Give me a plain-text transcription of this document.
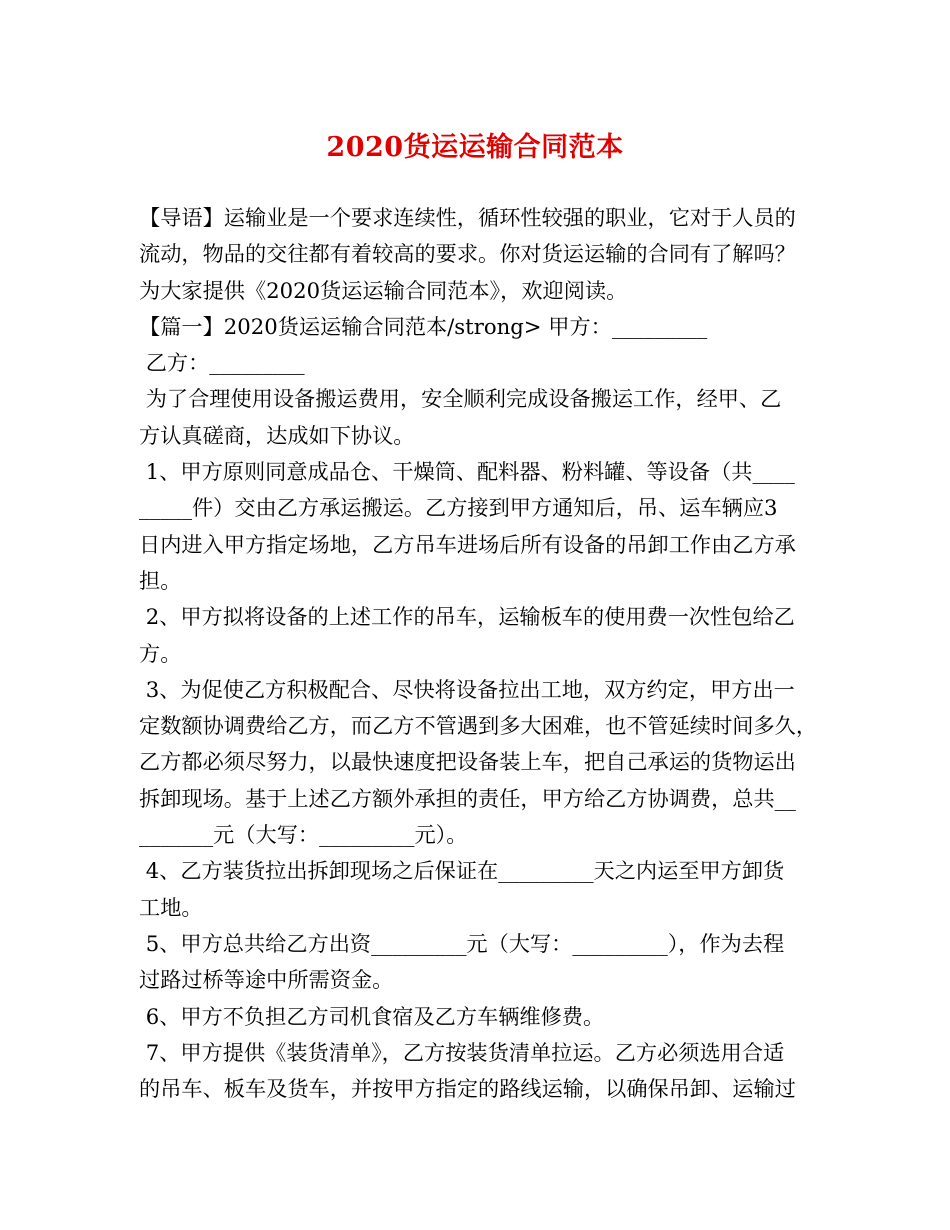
2020货运运输合同范本
【导语】运输业是一个要求连续性，循环性较强的职业，它对于人员的
流动，物品的交往都有着较高的要求。你对货运运输的合同有了解吗？
为大家提供《2020货运运输合同范本》，欢迎阅读。
【篇一】2020货运运输合同范本/strong> 甲方：_________
乙方：_________
为了合理使用设备搬运费用，安全顺利完成设备搬运工作，经甲、乙
方认真磋商，达成如下协议。
1、甲方原则同意成品仓、干燥筒、配料器、粉料罐、等设备（共____
_____件）交由乙方承运搬运。乙方接到甲方通知后，吊、运车辆应3
日内进入甲方指定场地，乙方吊车进场后所有设备的吊卸工作由乙方承
担。
2、甲方拟将设备的上述工作的吊车，运输板车的使用费一次性包给乙
方。
3、为促使乙方积极配合、尽快将设备拉出工地，双方约定，甲方出一
定数额协调费给乙方，而乙方不管遇到多大困难，也不管延续时间多久，
乙方都必须尽努力，以最快速度把设备装上车，把自己承运的货物运出
拆卸现场。基于上述乙方额外承担的责任，甲方给乙方协调费，总共__
_______元（大写：_________元）。
4、乙方装货拉出拆卸现场之后保证在_________天之内运至甲方卸货
工地。
5、甲方总共给乙方出资_________元（大写：_________），作为去程
过路过桥等途中所需资金。
6、甲方不负担乙方司机食宿及乙方车辆维修费。
7、甲方提供《装货清单》，乙方按装货清单拉运。乙方必须选用合适
的吊车、板车及货车，并按甲方指定的路线运输，以确保吊卸、运输过
